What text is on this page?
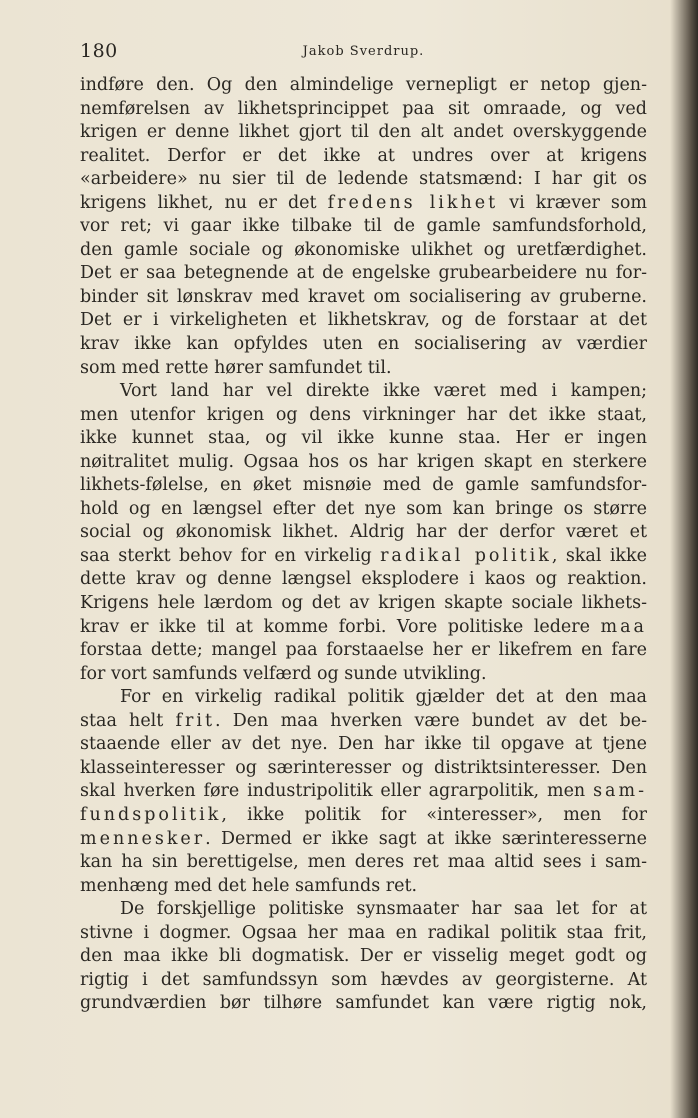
180	Jakob Sverdrup.
indføre den. Og den almindelige vernepligt er netop gjen-
nemførelsen av likhetsprincippet paa sit omraade, og ved
krigen er denne likhet gjort til den alt andet overskyggende
realitet. Derfor er det ikke at undres over at krigens
«arbeidere» nu sier til de ledende statsmænd: I har git os
krigens likhet, nu er det fredens likhet vi kræver som
vor ret; vi gaar ikke tilbake til de gamle samfundsforhold,
den gamle sociale og økonomiske ulikhet og uretfærdighet.
Det er saa betegnende at de engelske grubearbeidere nu for-
binder sit lønskrav med kravet om socialisering av gruberne.
Det er i virkeligheten et likhetskrav, og de forstaar at det
krav ikke kan opfyldes uten en socialisering av værdier
som med rette hører samfundet til.
Vort land har vel direkte ikke været med i kampen;
men utenfor krigen og dens virkninger har det ikke staat,
ikke kunnet staa, og vil ikke kunne staa. Her er ingen
nøitralitet mulig. Ogsaa hos os har krigen skapt en sterkere
likhets-følelse, en øket misnøie med de gamle samfundsfor-
hold og en længsel efter det nye som kan bringe os større
social og økonomisk likhet. Aldrig har der derfor været et
saa sterkt behov for en virkelig radikal politik, skal ikke
dette krav og denne længsel eksplodere i kaos og reaktion.
Krigens hele lærdom og det av krigen skapte sociale likhets-
krav er ikke til at komme forbi. Vore politiske ledere maa
forstaa dette; mangel paa forstaaelse her er likefrem en fare
for vort samfunds velfærd og sunde utvikling.
For en virkelig radikal politik gjælder det at den maa
staa helt frit. Den maa hverken være bundet av det be-
staaende eller av det nye. Den har ikke til opgave at tjene
klasseinteresser og særinteresser og distriktsinteresser. Den
skal hverken føre industripolitik eller agrarpolitik, men sam-
fundspolitik, ikke politik for «interesser», men for
mennesker. Dermed er ikke sagt at ikke særinteresserne
kan ha sin berettigelse, men deres ret maa altid sees i sam-
menhæng med det hele samfunds ret.
De forskjellige politiske synsmaater har saa let for at
stivne i dogmer. Ogsaa her maa en radikal politik staa frit,
den maa ikke bli dogmatisk. Der er visselig meget godt og
rigtig i det samfundssyn som hævdes av georgisterne. At
grundværdien bør tilhøre samfundet kan være rigtig nok,
